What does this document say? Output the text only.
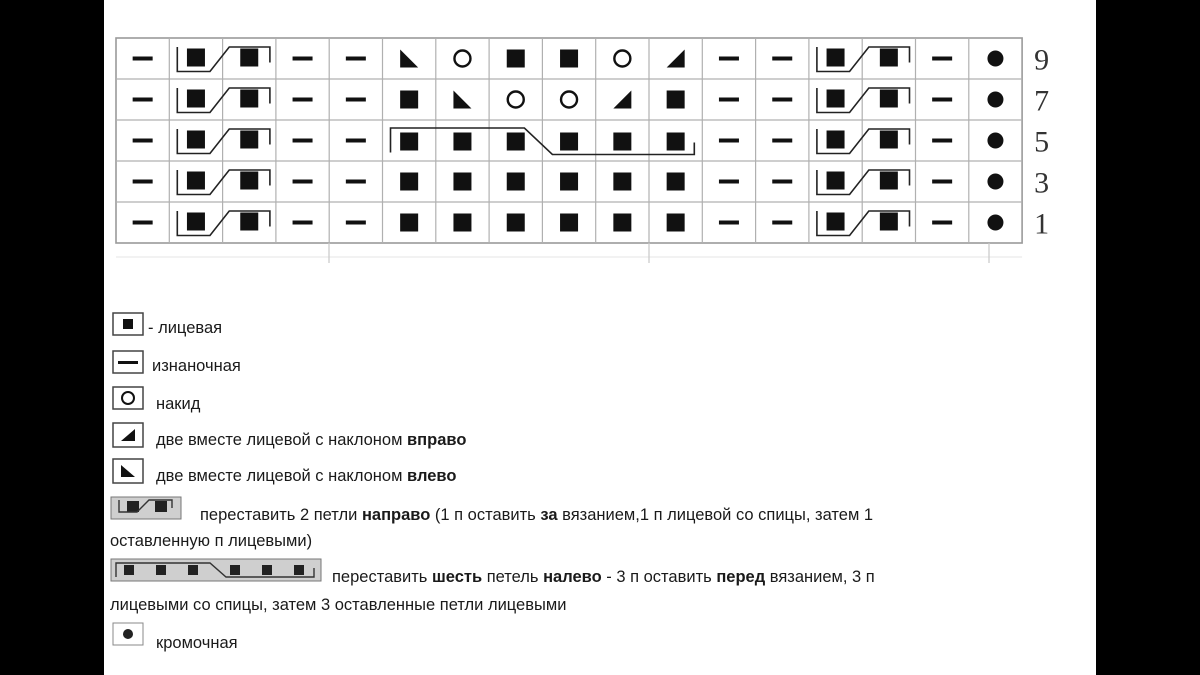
9
7
5
3
1
- лицевая
изнаночная
накид
две вместе лицевой с наклоном вправо
две вместе лицевой с наклоном влево
переставить 2 петли направо (1 п оставить за вязанием,1 п лицевой со спицы, затем 1
оставленную п лицевыми)
переставить шесть петель налево - 3 п оставить перед вязанием, 3 п
лицевыми со спицы, затем 3 оставленные петли лицевыми
кромочная
